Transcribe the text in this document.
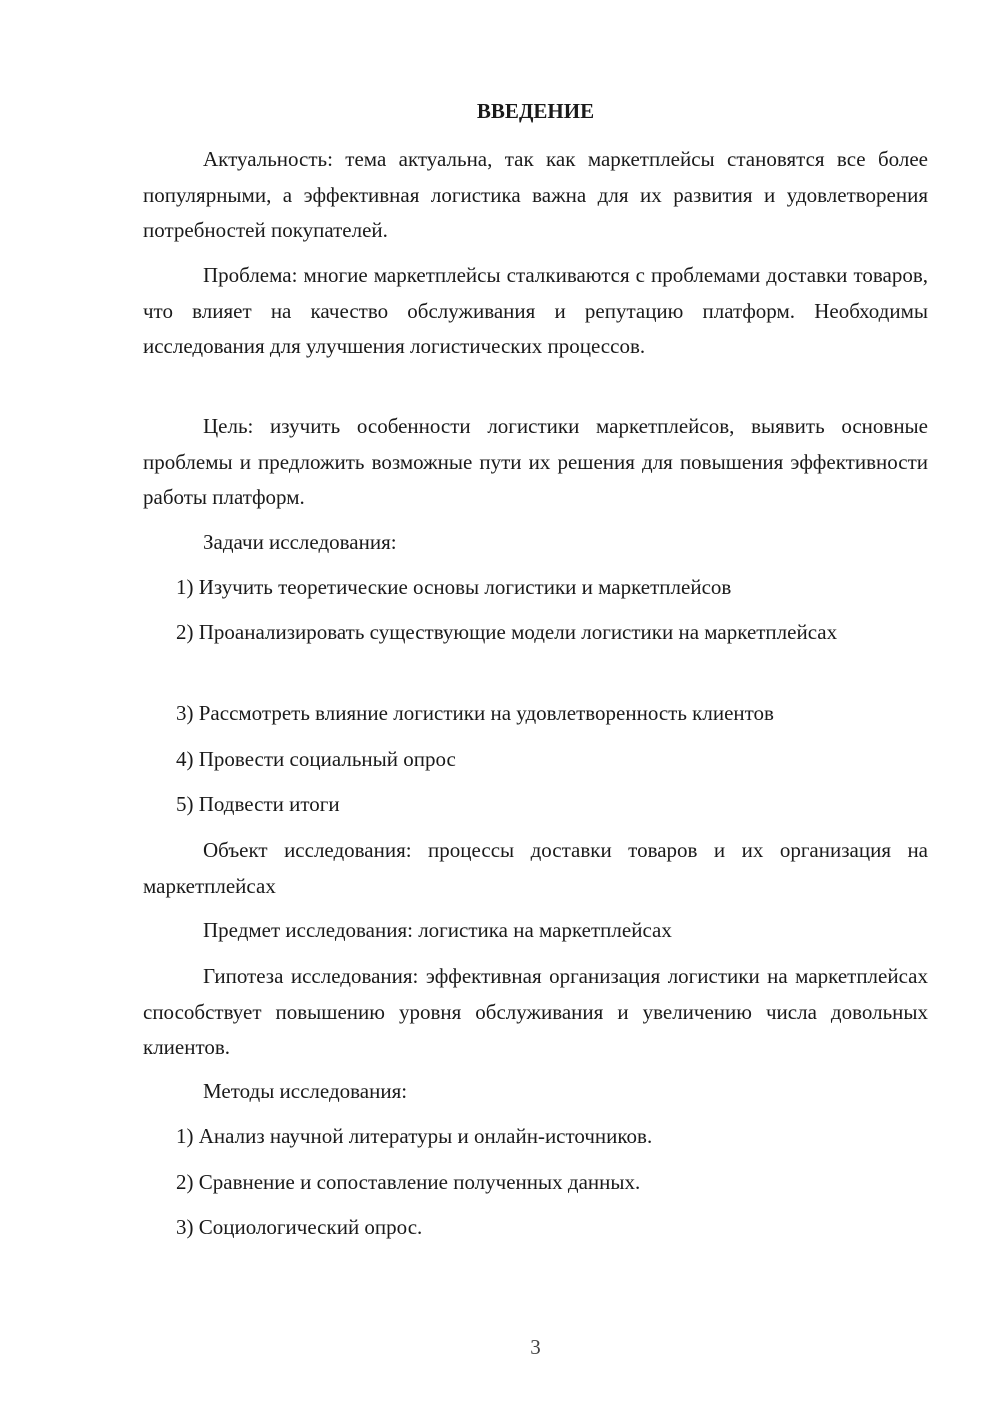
ВВЕДЕНИЕ

Актуальность: тема актуальна, так как маркетплейсы становятся все более популярными, а эффективная логистика важна для их развития и удовлетворения потребностей покупателей.

Проблема: многие маркетплейсы сталкиваются с проблемами доставки товаров, что влияет на качество обслуживания и репутацию платформ. Необходимы исследования для улучшения логистических процессов.

Цель: изучить особенности логистики маркетплейсов, выявить основные проблемы и предложить возможные пути их решения для повышения эффективности работы платформ.

Задачи исследования:

1) Изучить теоретические основы логистики и маркетплейсов

2) Проанализировать существующие модели логистики на маркетплейсах

3) Рассмотреть влияние логистики на удовлетворенность клиентов

4) Провести социальный опрос

5) Подвести итоги

Объект исследования: процессы доставки товаров и их организация на маркетплейсах

Предмет исследования: логистика на маркетплейсах

Гипотеза исследования: эффективная организация логистики на маркетплейсах способствует повышению уровня обслуживания и увеличению числа довольных клиентов.

Методы исследования:

1) Анализ научной литературы и онлайн-источников.

2) Сравнение и сопоставление полученных данных.

3) Социологический опрос.

3
